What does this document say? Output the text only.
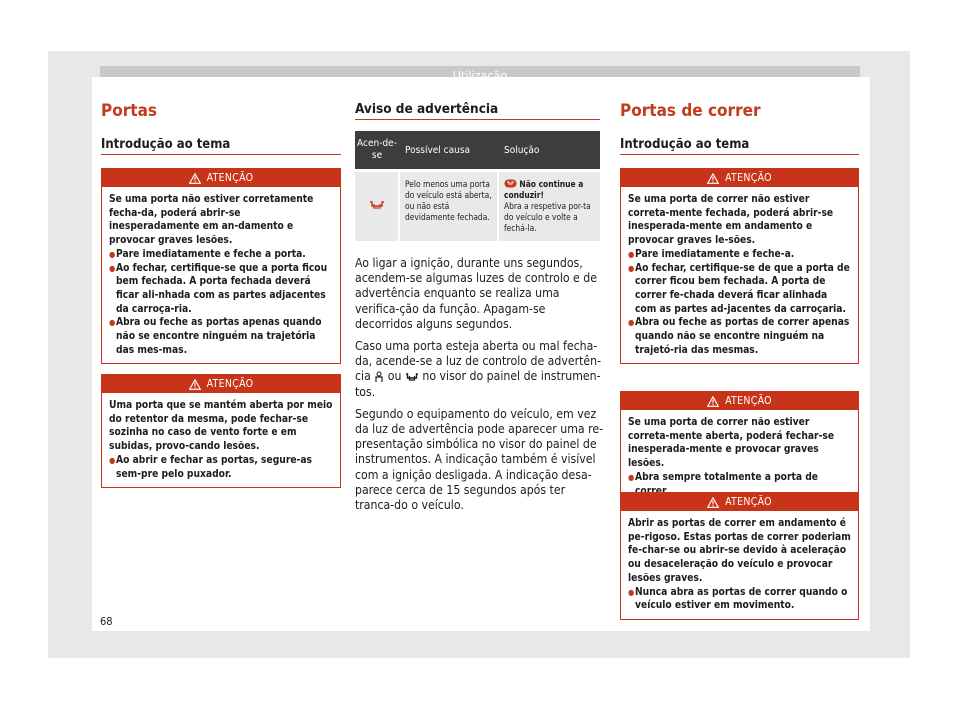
Utilização
Portas
Introdução ao tema
ATENÇÃO

Se uma porta não estiver corretamente fecha-da, poderá abrir-se inesperadamente em an-damento e provocar graves lesões.

● Pare imediatamente e feche a porta.

● Ao fechar, certifique-se que a porta ficou bem fechada. A porta fechada deverá ficar ali-nhada com as partes adjacentes da carroça-ria.

● Abra ou feche as portas apenas quando não se encontre ninguém na trajetória das mes-mas.

ATENÇÃO

Uma porta que se mantém aberta por meio do retentor da mesma, pode fechar-se sozinha no caso de vento forte e em subidas, provo-cando lesões.

● Ao abrir e fechar as portas, segure-as sem-pre pelo puxador.

Aviso de advertência
Acen-de-se	Possível causa	Solução

	Pelo menos uma porta do veículo está aberta, ou não está devidamente fechada.	Não continue a conduzir!
Abra a respetiva por-ta do veículo e volte a fechá-la.

Ao ligar a ignição, durante uns segundos, acendem-se algumas luzes de controlo e de advertência enquanto se realiza uma verifica-ção da função. Apagam-se decorridos alguns segundos.

Caso uma porta esteja aberta ou mal fecha-da, acende-se a luz de controlo de advertên-cia ou no visor do painel de instrumen-tos.

Segundo o equipamento do veículo, em vez da luz de advertência pode aparecer uma re-presentação simbólica no visor do painel de instrumentos. A indicação também é visível com a ignição desligada. A indicação desa-parece cerca de 15 segundos após ter tranca-do o veículo.

Portas de correr
Introdução ao tema
ATENÇÃO

Se uma porta de correr não estiver correta-mente fechada, poderá abrir-se inesperada-mente em andamento e provocar graves le-sões.

● Pare imediatamente e feche-a.

● Ao fechar, certifique-se de que a porta de correr ficou bem fechada. A porta de correr fe-chada deverá ficar alinhada com as partes ad-jacentes da carroçaria.

● Abra ou feche as portas de correr apenas quando não se encontre ninguém na trajetó-ria das mesmas.

ATENÇÃO

Se uma porta de correr não estiver correta-mente aberta, poderá fechar-se inesperada-mente e provocar graves lesões.

● Abra sempre totalmente a porta de

ATENÇÃO

Abrir as portas de correr em andamento é pe-rigoso. Estas portas de correr poderiam fe-char-se ou abrir-se devido à aceleração ou desaceleração do veículo e provocar lesões graves.

● Nunca abra as portas de correr quando o veículo estiver em movimento.

68
